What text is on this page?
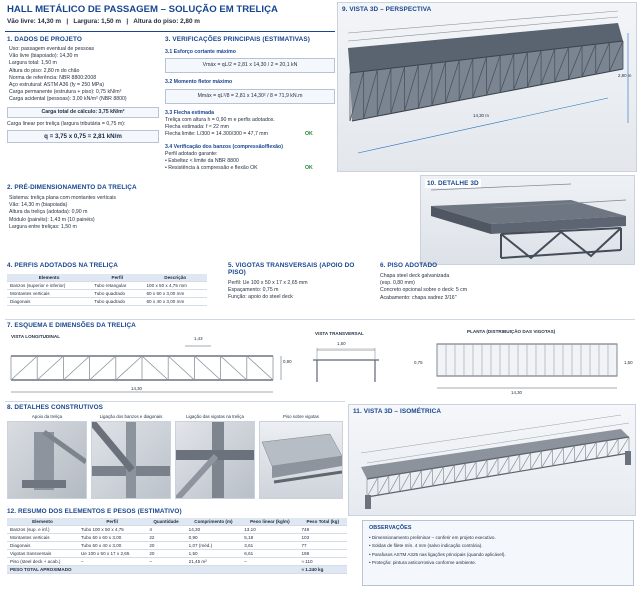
HALL METÁLICO DE PASSAGEM – SOLUÇÃO EM TRELIÇA
Vão livre: 14,30 m   |   Largura: 1,50 m   |   Altura do piso: 2,80 m
1. DADOS DE PROJETO
Uso: passagem eventual de pessoas
Vão livre (biapoiado): 14,30 m
Largura total: 1,50 m
Altura do piso: 2,80 m do chão
Norma de referência: NBR 8800:2008
Aço estrutural: ASTM A36 (fy = 250 MPa)
Carga permanente (estrutura + piso): 0,75 kN/m²
Carga acidental (pessoas): 3,00 kN/m² (NBR 8800)
Carga total de cálculo: 3,75 kN/m²
Carga linear por treliça (largura tributária = 0,75 m):
q = 3,75 x 0,75 = 2,81 kN/m
2. PRÉ-DIMENSIONAMENTO DA TRELIÇA
Sistema: treliça plana com montantes verticais
Vão: 14,30 m (biapoiada)
Altura da treliça (adotada): 0,90 m
Módulo (painéis): 1,43 m (10 painéis)
Largura entre treliças: 1,50 m
3. VERIFICAÇÕES PRINCIPAIS (ESTIMATIVAS)
3.1 Esforço cortante máximo
Vmáx = qL/2 = 2,81 x 14,30 / 2 = 20,1 kN
3.2 Momento fletor máximo
Mmáx = qL²/8 = 2,81 x 14,30² / 8 = 71,9 kN.m
3.3 Flecha estimada
Treliça com altura h = 0,90 m e perfis adotados.
Flecha estimada: f ≈ 22 mm
Flecha limite: L/300 = 14.300/300 = 47,7 mm	OK
3.4 Verificação dos banzos (compressão/flexão)
Perfil adotado garante:
• Esbeltez < limite da NBR 8800
• Resistência à compressão e flexão OK	OK
9. VISTA 3D – PERSPECTIVA
14,30 m
2,80 m
10. DETALHE 3D
4. PERFIS ADOTADOS NA TRELIÇA
Elemento	Perfil	Descrição
Banzos (superior e inferior)	Tubo retangular	100 x 50 x 4,75 mm
Montantes verticais	Tubo quadrado	60 x 60 x 3,00 mm
Diagonais	Tubo quadrado	60 x 40 x 3,00 mm
5. VIGOTAS TRANSVERSAIS (APOIO DO PISO)
Perfil: Ue 100 x 50 x 17 x 2,65 mm
Espaçamento: 0,75 m
Função: apoio do steel deck
6. PISO ADOTADO
Chapa steel deck galvanizada
(esp. 0,80 mm)
Concreto opcional sobre o deck: 5 cm
Acabamento: chapa xadrez 3/16"
7. ESQUEMA E DIMENSÕES DA TRELIÇA
VISTA LONGITUDINAL	1,43
0,90
14,30
VISTA TRANSVERSAL
1,50
PLANTA (DISTRIBUIÇÃO DAS VIGOTAS)
0,75	1,50
14,30
8. DETALHES CONSTRUTIVOS
Apoio da treliça	Ligação dos banzos e diagonais	Ligação das vigotas na treliça	Piso sobre vigotas
11. VISTA 3D – ISOMÉTRICA
12. RESUMO DOS ELEMENTOS E PESOS (ESTIMATIVO)
Elemento	Perfil	Quantidade	Comprimento (m)	Peso linear (kg/m)	Peso Total (kg)
Banzos (sup. e inf.)	Tubo 100 x 50 x 4,75	4	14,30	13,10	748
Montantes verticais	Tubo 60 x 60 x 3,00	22	0,90	5,18	103
Diagonais	Tubo 60 x 40 x 3,00	20	1,07 (méd.)	3,61	77
Vigotas transversais	Ue 100 x 50 x 17 x 2,65	20	1,50	6,61	198
Piso (steel deck + acab.)	–	–	21,45 m²	–	≈ 110
PESO TOTAL APROXIMADO					≈ 1.240 kg
OBSERVAÇÕES
• Dimensionamento preliminar – conferir em projeto executivo.
• Soldas de filete mín. 4 mm (salvo indicação contrária).
• Parafusos ASTM A325 nas ligações principais (quando aplicável).
• Proteção: pintura anticorrosiva conforme ambiente.
